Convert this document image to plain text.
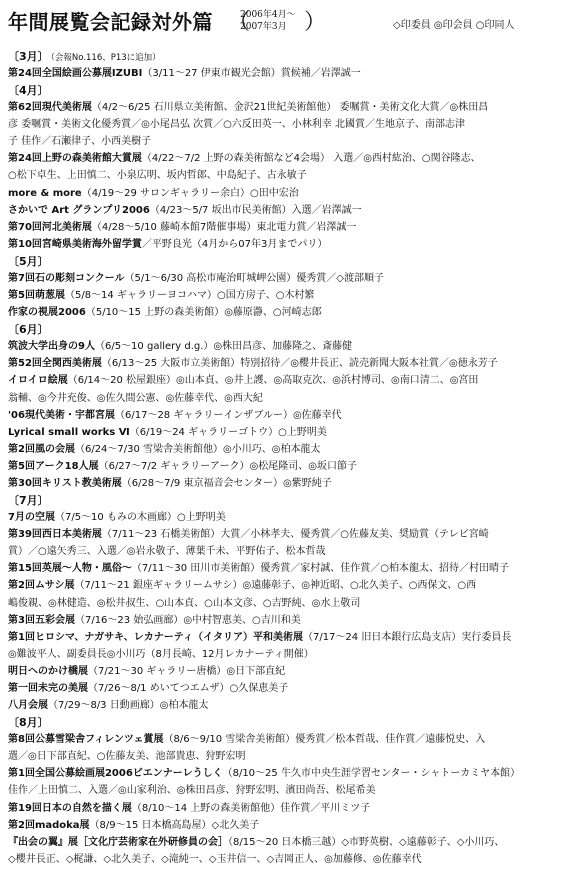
年間展覧会記録対外篇 （
2006年4月～
2007年3月 ）	◇印委員 ◎印会員 ○印同人
〔3月〕 （会報No.116、P13に追加）
第24回全国絵画公募展IZUBI（3/11～27 伊東市観光会館）賞候補／岩澤誠一
〔4月〕
第62回現代美術展（4/2～6/25 石川県立美術館、金沢21世紀美術館他） 委嘱賞・美術文化大賞／◎株田昌
彦 委嘱賞・美術文化優秀賞／◎小尾昌弘 次賞／○六反田英一、小林利幸 北國賞／生地京子、南部志津
子 佳作／石瀬律子、小西美樹子
第24回上野の森美術館大賞展（4/22～7/2 上野の森美術館など4会場） 入選／◎西村紘治、○関谷隆志、
○松下卓生、上田慎二、小泉広明、坂内哲郎、中島紀子、古永敏子
more & more（4/19～29 サロンギャラリー余白）○田中宏治
さかいで Art グランプリ2006（4/23～5/7 坂出市民美術館）入選／岩澤誠一
第70回河北美術展（4/28～5/10 藤崎本館7階催事場）東北電力賞／岩澤誠一
第10回宮崎県美術海外留学賞／平野良光（4月から07年3月までパリ）
〔5月〕
第7回石の彫刻コンクール（5/1～6/30 高松市庵治町城岬公園）優秀賞／◇渡部順子
第5回萌葱展（5/8～14 ギャラリーヨコハマ）○国方房子、○木村繁
作家の視展2006（5/10～15 上野の森美術館）◎藤原瀞、○河崎志郎
〔6月〕
筑波大学出身の9人（6/5～10 gallery d.g.）◎株田昌彦、加藤隆之、斎藤健
第52回全関西美術展（6/13～25 大阪市立美術館）特別招待／◎櫻井長正、読売新聞大阪本社賞／◎徳永芳子
イロイロ絵展（6/14～20 松屋銀座）◎山本貞、◎井上護、◎高取克次、◎浜村博司、◎南口清二、◎宮田
翁輔、◎今井充俊、◎佐久間公憲、◎佐藤幸代、◎西大紀
'06現代美術・宇都宮展（6/17～28 ギャラリーインザブルー）◎佐藤幸代
Lyrical small works Ⅵ（6/19～24 ギャラリーゴトウ）○上野明美
第2回風の会展（6/24～7/30 雪梁舎美術館他）◎小川巧、◎柏本龍太
第5回アーク18人展（6/27～7/2 ギャラリーアーク）◎松尾隆司、◎坂口節子
第30回キリスト教美術展（6/28～7/9 東京福音会センター）◎紫野純子
〔7月〕
7月の空展（7/5～10 もみの木画廊）○上野明美
第39回西日本美術展（7/11～23 石橋美術館）大賞／小林孝夫、優秀賞／○佐藤友美、奨励賞（テレビ宮崎
賞）／○遠矢秀三、入選／◎岩永敬子、薄葉千未、平野佑子、松本哲哉
第15回英展～人物・風俗～（7/11～30 田川市美術館）優秀賞／家村誠、佳作賞／○柏本龍太、招待／村田晴子
第2回ムサシ展（7/11～21 銀座ギャラリームサシ）◎遠藤彰子、◎神近昭、○北久美子、○西保文、○西
嶋俊親、◎林健造、◎松井叔生、○山本貞、○山本文彦、○吉野純、◎水上敬司
第3回五彩会展（7/16～23 始弘画廊）◎中村智恵美、○吉川和美
第1回ヒロシマ、ナガサキ、レカナーティ（イタリア）平和美術展（7/17～24 旧日本銀行広島支店）実行委員長
◎難波平人、副委員長◎小川巧（8月長崎、12月レカナーティ開催）
明日へのかけ橋展（7/21～30 ギャラリー唐橋）◎日下部直紀
第一回未完の美展（7/26～8/1 めいてつエムザ）○久保恵美子
八月会展（7/29～8/3 日動画廊）◎柏本龍太
〔8月〕
第8回公募雪梁舎フィレンツェ賞展（8/6～9/10 雪梁舎美術館）優秀賞／松本哲哉、佳作賞／遠藤悦史、入
選／◎日下部直紀、○佐藤友美、池部貴恵、狩野宏明
第1回全国公募絵画展2006ビエンナーレうしく（8/10～25 牛久市中央生涯学習センター・シャトーカミヤ本館）
佳作／上田慎二、入選／◎山家利治、◎株田昌彦、狩野宏明、濱田尚吾、松尾希美
第19回日本の自然を描く展（8/10～14 上野の森美術館他）佳作賞／平川ミツ子
第2回madoka展（8/9～15 日本橋高島屋）◇北久美子
『出会の翼』展［文化庁芸術家在外研修員の会］（8/15～20 日本橋三越）◇市野英樹、◇遠藤彰子、◇小川巧、
◇櫻井長正、◇梶謙、◇北久美子、◇滝純一、◇玉井信一、◇吉岡正人、◎加藤修、◎佐藤幸代
